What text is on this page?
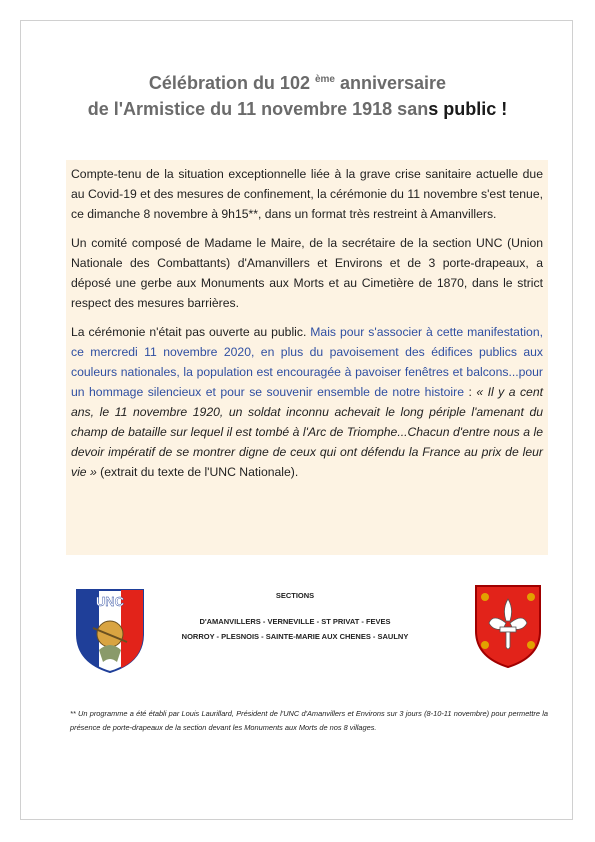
Célébration du 102 $^{ème}$ anniversaire
de l'Armistice du 11 novembre 1918 sans public !

Compte-tenu de la situation exceptionnelle liée à la grave crise sanitaire actuelle due au Covid-19 et des mesures de confinement, la cérémonie du 11 novembre s'est tenue, ce dimanche 8 novembre à 9h15**, dans un format très restreint à Amanvillers.

Un comité composé de Madame le Maire, de la secrétaire de la section UNC (Union Nationale des Combattants) d'Amanvillers et Environs et de 3 porte-drapeaux, a déposé une gerbe aux Monuments aux Morts et au Cimetière de 1870, dans le strict respect des mesures barrières.

La cérémonie n'était pas ouverte au public. Mais pour s'associer à cette manifestation, ce mercredi 11 novembre 2020, en plus du pavoisement des édifices publics aux couleurs nationales, la population est encouragée à pavoiser fenêtres et balcons...pour un hommage silencieux et pour se souvenir ensemble de notre histoire : « Il y a cent ans, le 11 novembre 1920, un soldat inconnu achevait le long périple l'amenant du champ de bataille sur lequel il est tombé à l'Arc de Triomphe...Chacun d'entre nous a le devoir impératif de se montrer digne de ceux qui ont défendu la France au prix de leur vie » (extrait du texte de l'UNC Nationale).

UNC	SECTIONS
D'AMANVILLERS - VERNEVILLE - ST PRIVAT - FEVES
NORROY - PLESNOIS - SAINTE-MARIE AUX CHENES - SAULNY
** Un programme a été établi par Louis Laurillard, Président de l'UNC d'Amanvillers et Environs sur 3 jours (8-10-11 novembre) pour permettre la présence de porte-drapeaux de la section devant les Monuments aux Morts de nos 8 villages.
